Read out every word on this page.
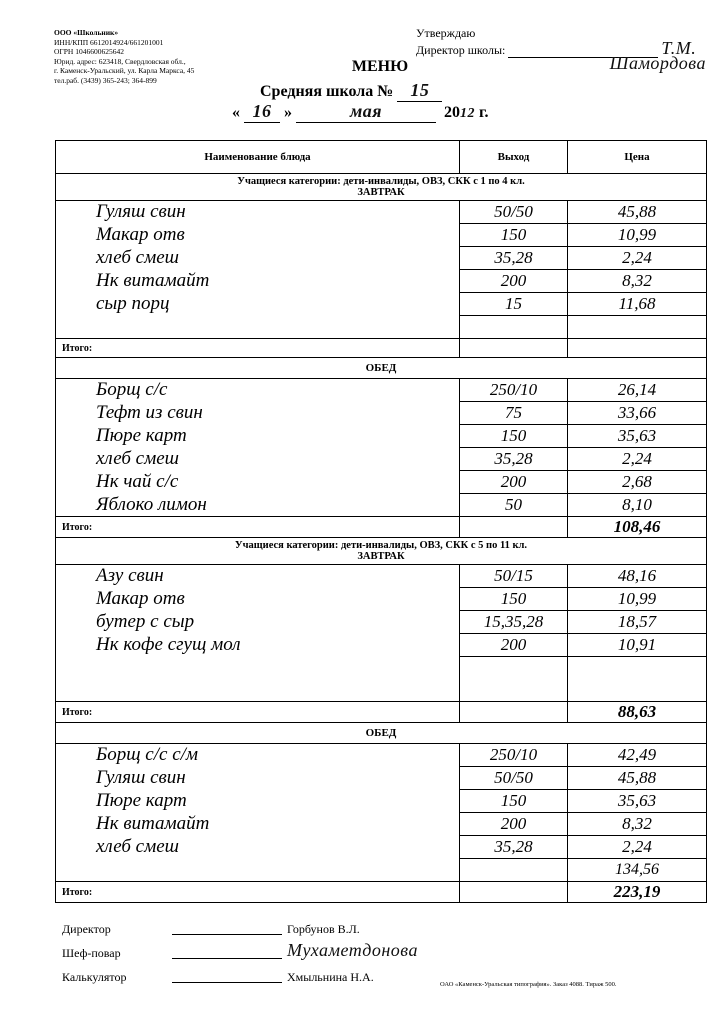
ООО «Школьник»
ИНН/КПП 6612014924/661201001
ОГРН 1046600625642
Юрид. адрес: 623418, Свердловская обл.,
г. Каменск-Уральский, ул. Карла Маркса, 45
тел.раб. (3439) 365-243; 364-899
Утверждаю
Директор школы:	Т.М.
Шамордова
МЕНЮ
Средняя школа № 15
« 16 »	мая	2012 г.
Наименование блюда	Выход	Цена

Учащиеся категории: дети-инвалиды, ОВЗ, СКК с 1 по 4 кл.
ЗАВТРАК		

Гуляш свин	50/50	45,88
Макар отв	150	10,99
хлеб смеш	35,28	2,24
Нк витамайт	200	8,32
сыр порц	15	11,68

Итого:		
ОБЕД		
Борщ с/с	250/10	26,14
Тефт из свин	75	33,66
Пюре карт	150	35,63
хлеб смеш	35,28	2,24
Нк чай с/с	200	2,68
Яблоко лимон	50	8,10
Итого:		108,46

Учащиеся категории: дети-инвалиды, ОВЗ, СКК с 5 по 11 кл.
ЗАВТРАК		

Азу свин	50/15	48,16
Макар отв	150	10,99
бутер с сыр	15,35,28	18,57
Нк кофе сгущ мол	200	10,91

Итого:		88,63
ОБЕД		
Борщ с/с с/м	250/10	42,49
Гуляш свин	50/50	45,88
Пюре карт	150	35,63
Нк витамайт	200	8,32
хлеб смеш	35,28	2,24
		134,56
Итого:		223,19
Директор	Горбунов В.Л.
Шеф-повар	Мухаметдонова
Калькулятор	Хмыльнина Н.А.
ОАО «Каменск-Уральская типография». Заказ 4088. Тираж 500.
